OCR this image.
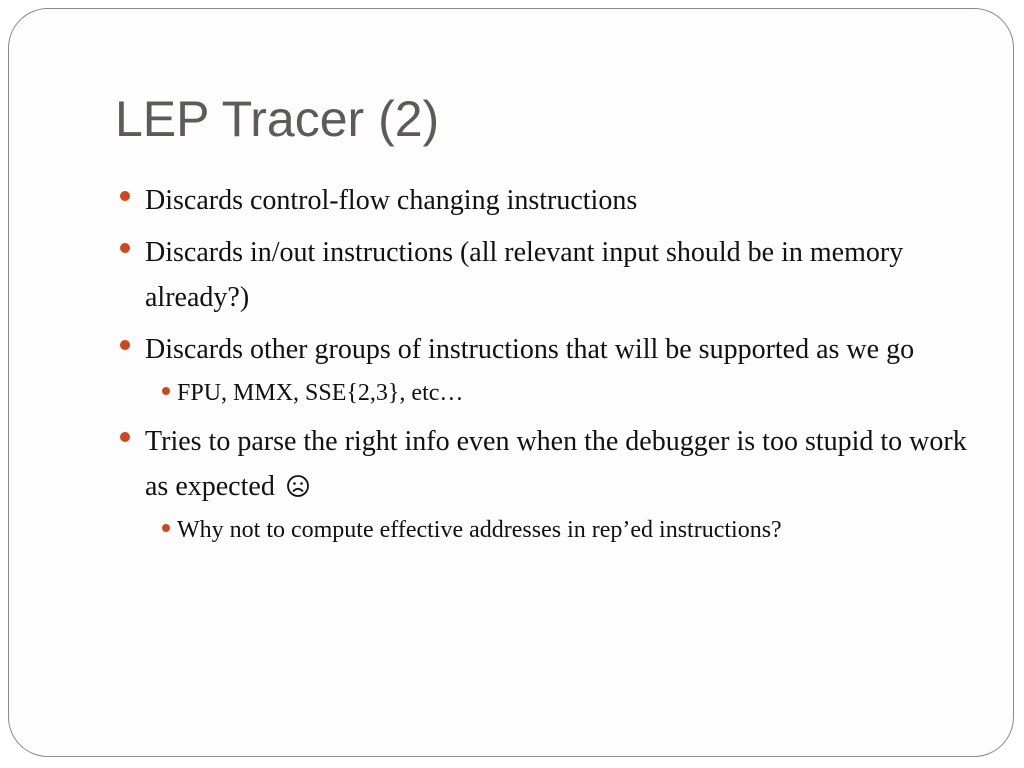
LEP Tracer (2)
Discards control-flow changing instructions
Discards in/out instructions (all relevant input should be in memory already?)
Discards other groups of instructions that will be supported as we go
FPU, MMX, SSE{2,3}, etc…
Tries to parse the right info even when the debugger is too stupid to work as expected
Why not to compute effective addresses in rep’ed instructions?
